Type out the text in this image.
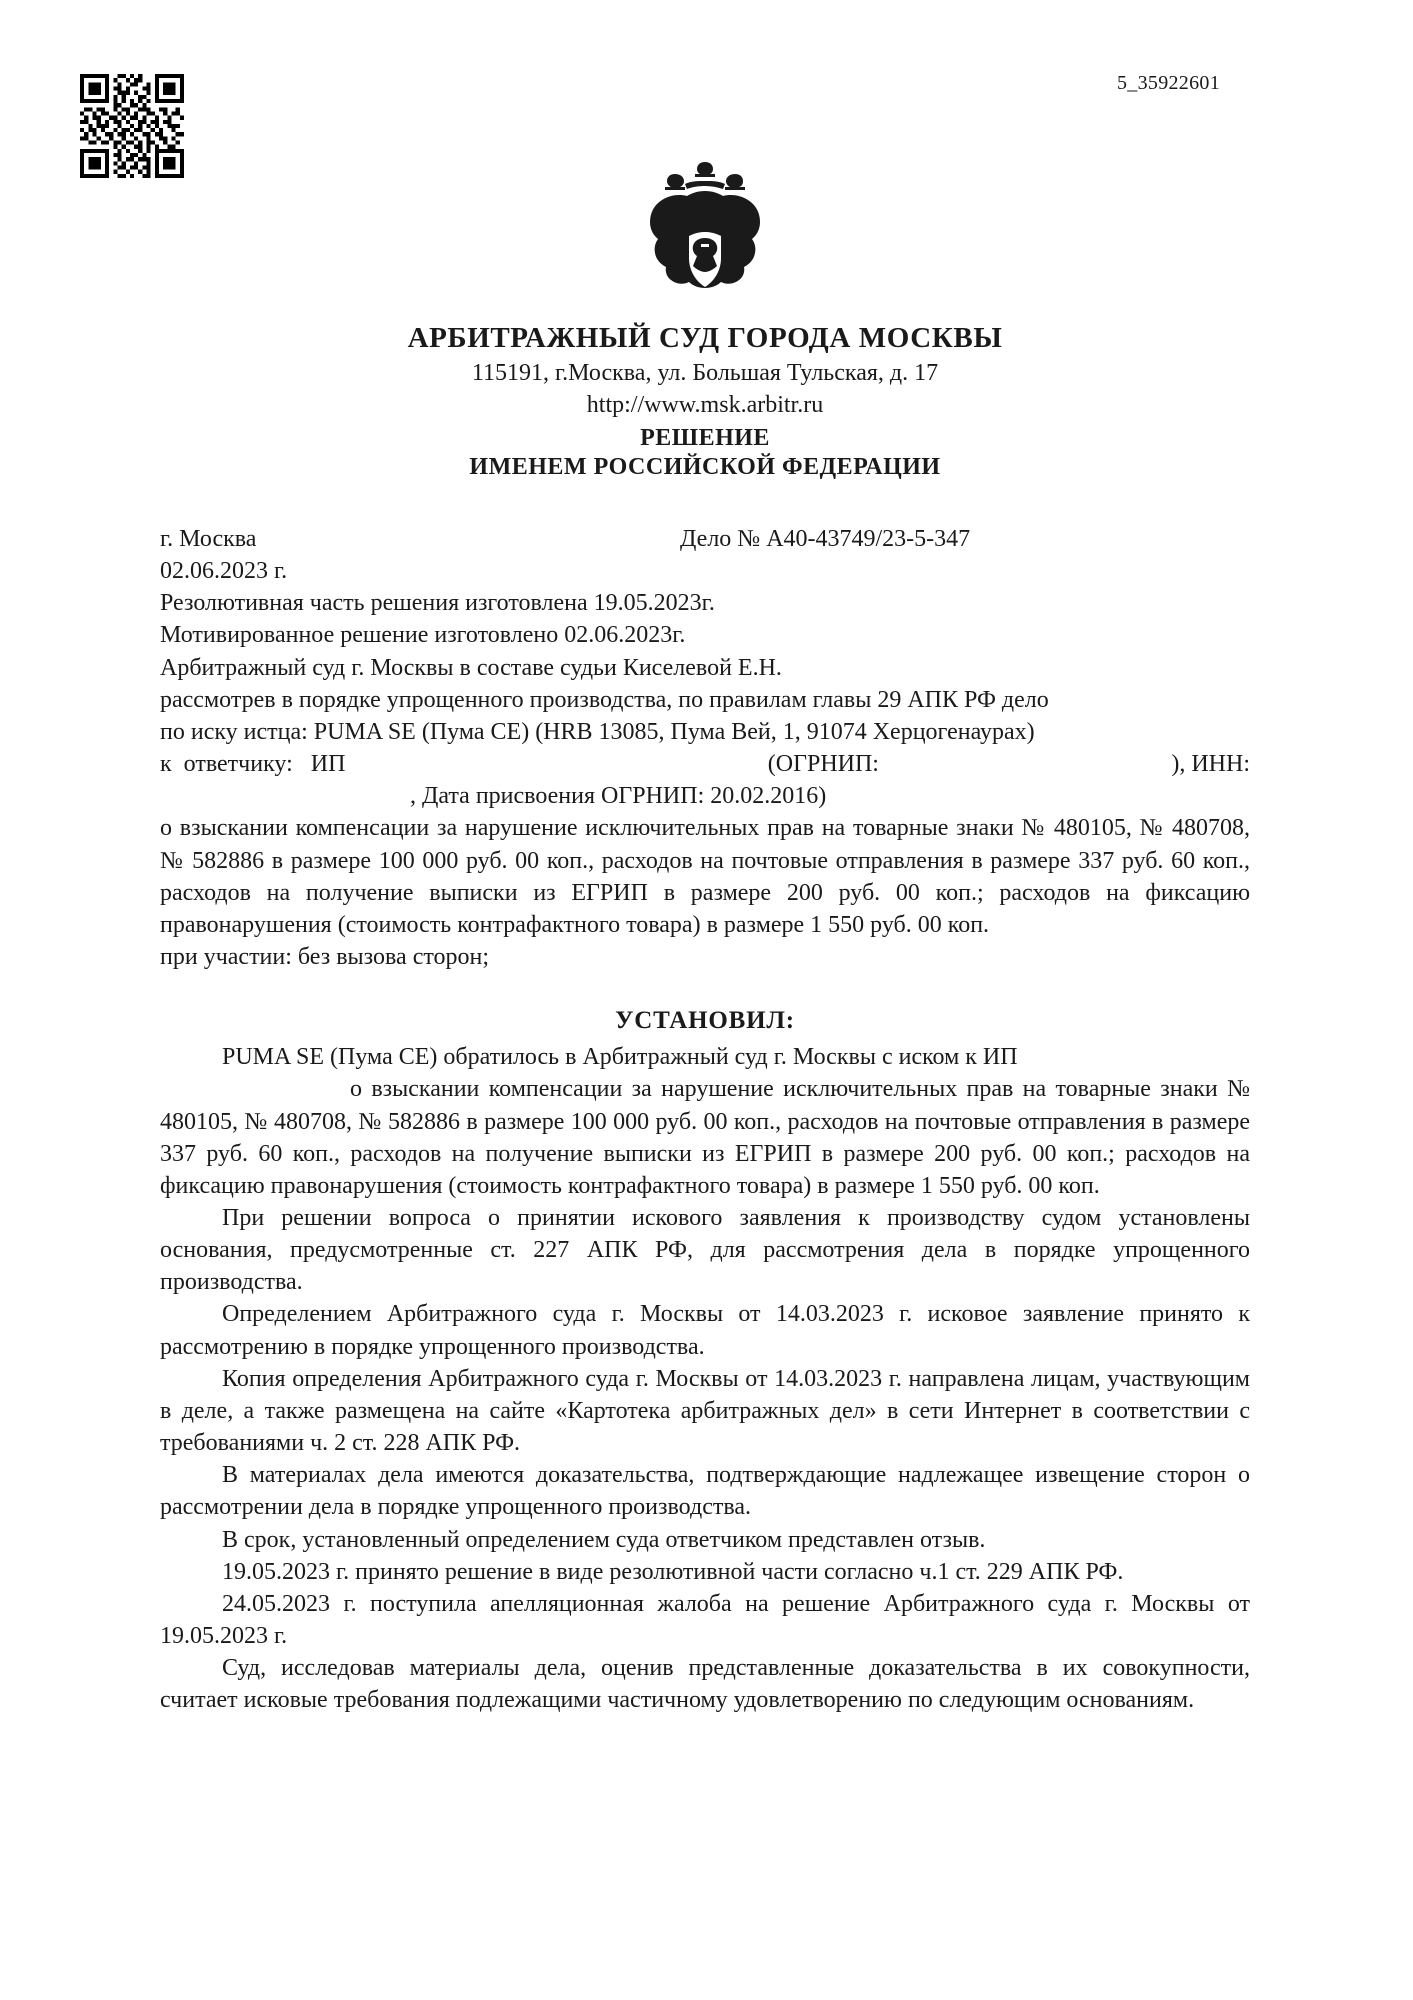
5_35922601
АРБИТРАЖНЫЙ СУД ГОРОДА МОСКВЫ
115191, г.Москва, ул. Большая Тульская, д. 17
http://www.msk.arbitr.ru
РЕШЕНИЕ
ИМЕНЕМ РОССИЙСКОЙ ФЕДЕРАЦИИ
г. Москва	Дело № А40-43749/23-5-347

02.06.2023 г.

Резолютивная часть решения изготовлена 19.05.2023г.

Мотивированное решение изготовлено 02.06.2023г.

Арбитражный суд г. Москвы в составе судьи Киселевой Е.Н.

рассмотрев в порядке упрощенного производства, по правилам главы 29 АПК РФ дело

по иску истца: PUMA SE (Пума СЕ) (HRB 13085, Пума Вей, 1, 91074 Херцогенаурах)

к  ответчику:   ИП	(ОГРНИП:	), ИНН:

, Дата присвоения ОГРНИП: 20.02.2016)

о взыскании компенсации за нарушение исключительных прав на товарные знаки № 480105, № 480708, № 582886 в размере 100 000 руб. 00 коп., расходов на почтовые отправления в размере 337 руб. 60 коп., расходов на получение выписки из ЕГРИП в размере 200 руб. 00 коп.; расходов на фиксацию правонарушения (стоимость контрафактного товара) в размере 1 550 руб. 00 коп.

при участии: без вызова сторон;

УСТАНОВИЛ:

PUMA SE (Пума СЕ) обратилось в Арбитражный суд г. Москвы с иском к ИП

о взыскании компенсации за нарушение исключительных прав на товарные знаки № 480105, № 480708, № 582886 в размере 100 000 руб. 00 коп., расходов на почтовые отправления в размере 337 руб. 60 коп., расходов на получение выписки из ЕГРИП в размере 200 руб. 00 коп.; расходов на фиксацию правонарушения (стоимость контрафактного товара) в размере 1 550 руб. 00 коп.

При решении вопроса о принятии искового заявления к производству судом установлены основания, предусмотренные ст. 227 АПК РФ, для рассмотрения дела в порядке упрощенного производства.

Определением Арбитражного суда г. Москвы от 14.03.2023 г. исковое заявление принято к рассмотрению в порядке упрощенного производства.

Копия определения Арбитражного суда г. Москвы от 14.03.2023 г. направлена лицам, участвующим в деле, а также размещена на сайте «Картотека арбитражных дел» в сети Интернет в соответствии с требованиями ч. 2 ст. 228 АПК РФ.

В материалах дела имеются доказательства, подтверждающие надлежащее извещение сторон о рассмотрении дела в порядке упрощенного производства.

В срок, установленный определением суда ответчиком представлен отзыв.

19.05.2023 г. принято решение в виде резолютивной части согласно ч.1 ст. 229 АПК РФ.

24.05.2023 г. поступила апелляционная жалоба на решение Арбитражного суда г. Москвы от 19.05.2023 г.

Суд, исследовав материалы дела, оценив представленные доказательства в их совокупности, считает исковые требования подлежащими частичному удовлетворению по следующим основаниям.
